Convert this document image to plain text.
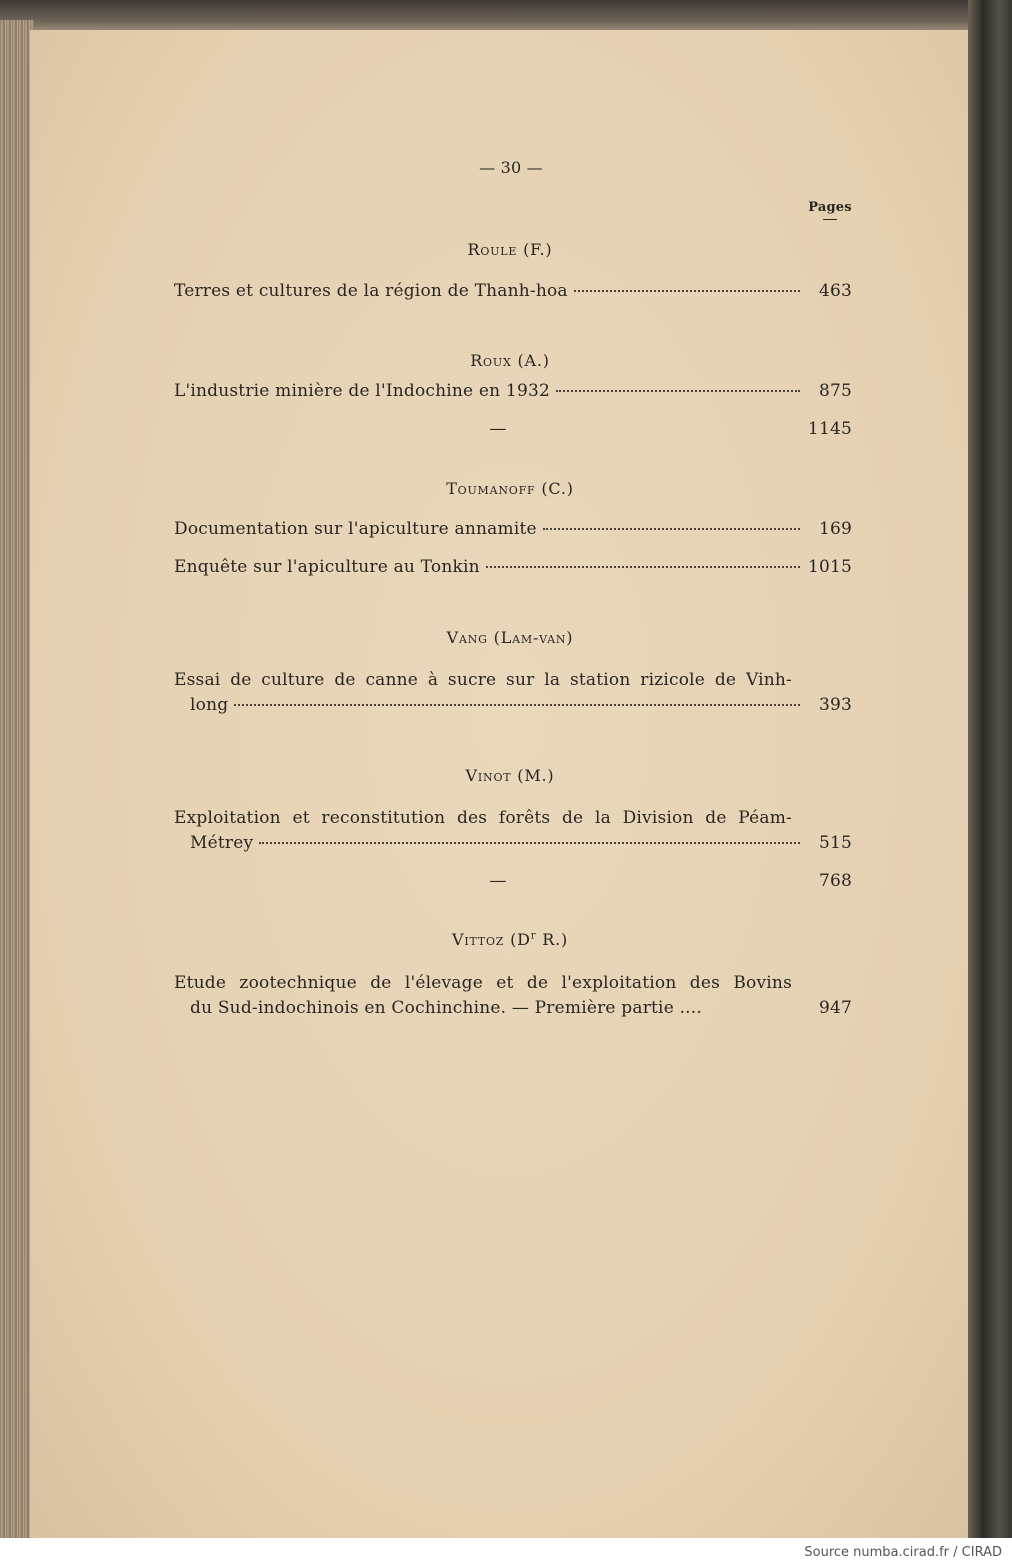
— 30 —
Pages
Roule (F.)
Terres et cultures de la région de Thanh-hoa	463
Roux (A.)
L'industrie minière de l'Indochine en 1932	875
—	1145
Toumanoff (C.)
Documentation sur l'apiculture annamite	169
Enquête sur l'apiculture au Tonkin	1015
Vang (Lam-van)
Essai de culture de canne à sucre sur la station rizicole de Vinh-
long	393
Vinot (M.)
Exploitation et reconstitution des forêts de la Division de Péam-
Métrey	515
—	768
Vittoz ($D^r$ R.)
Etude zootechnique de l'élevage et de l'exploitation des Bovins
du Sud-indochinois en Cochinchine. — Première partie ....	947
Source numba.cirad.fr / CIRAD
